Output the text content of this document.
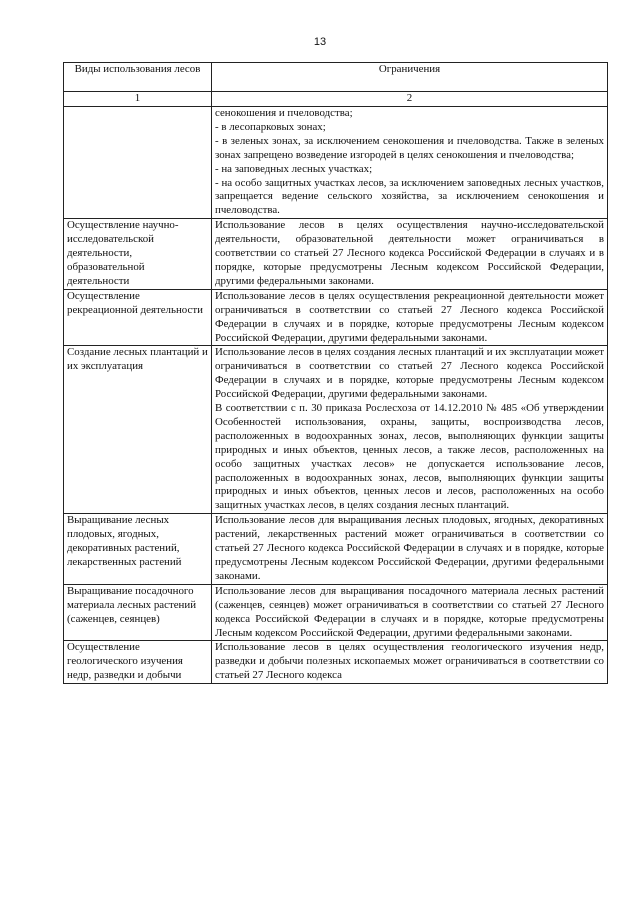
13
Виды использования лесов	Ограничения
1	2

	сенокошения и пчеловодства;

- в лесопарковых зонах;

- в зеленых зонах, за исключением сенокошения и пчеловодства. Также в зеленых зонах запрещено возведение изгородей в целях сенокошения и пчеловодства;

- на заповедных лесных участках;

- на особо защитных участках лесов, за исключением заповедных лесных участков, запрещается ведение сельского хозяйства, за исключением сенокошения и пчеловодства.

Осуществление научно-исследовательской деятельности, образовательной деятельности	Использование лесов в целях осуществления научно-исследовательской деятельности, образовательной деятельности может ограничиваться в соответствии со статьей 27 Лесного кодекса Российской Федерации в случаях и в порядке, которые предусмотрены Лесным кодексом Российской Федерации, другими федеральными законами.

Осуществление рекреационной деятельности	Использование лесов в целях осуществления рекреационной деятельности может ограничиваться в соответствии со статьей 27 Лесного кодекса Российской Федерации в случаях и в порядке, которые предусмотрены Лесным кодексом Российской Федерации, другими федеральными законами.

Создание лесных плантаций и их эксплуатация	Использование лесов в целях создания лесных плантаций и их эксплуатации может ограничиваться в соответствии со статьей 27 Лесного кодекса Российской Федерации в случаях и в порядке, которые предусмотрены Лесным кодексом Российской Федерации, другими федеральными законами.

В соответствии с п. 30 приказа Рослесхоза от 14.12.2010 № 485 «Об утверждении Особенностей использования, охраны, защиты, воспроизводства лесов, расположенных в водоохранных зонах, лесов, выполняющих функции защиты природных и иных объектов, ценных лесов, а также лесов, расположенных на особо защитных участках лесов» не допускается использование лесов, расположенных в водоохранных зонах, лесов, выполняющих функции защиты природных и иных объектов, ценных лесов и лесов, расположенных на особо защитных участках лесов, в целях создания лесных плантаций.

Выращивание лесных плодовых, ягодных, декоративных растений, лекарственных растений	Использование лесов для выращивания лесных плодовых, ягодных, декоративных растений, лекарственных растений может ограничиваться в соответствии со статьей 27 Лесного кодекса Российской Федерации в случаях и в порядке, которые предусмотрены Лесным кодексом Российской Федерации, другими федеральными законами.

Выращивание посадочного материала лесных растений (саженцев, сеянцев)	Использование лесов для выращивания посадочного материала лесных растений (саженцев, сеянцев) может ограничиваться в соответствии со статьей 27 Лесного кодекса Российской Федерации в случаях и в порядке, которые предусмотрены Лесным кодексом Российской Федерации, другими федеральными законами.

Осуществление геологического изучения недр, разведки и добычи	Использование лесов в целях осуществления геологического изучения недр, разведки и добычи полезных ископаемых может ограничиваться в соответствии со статьей 27 Лесного кодекса
